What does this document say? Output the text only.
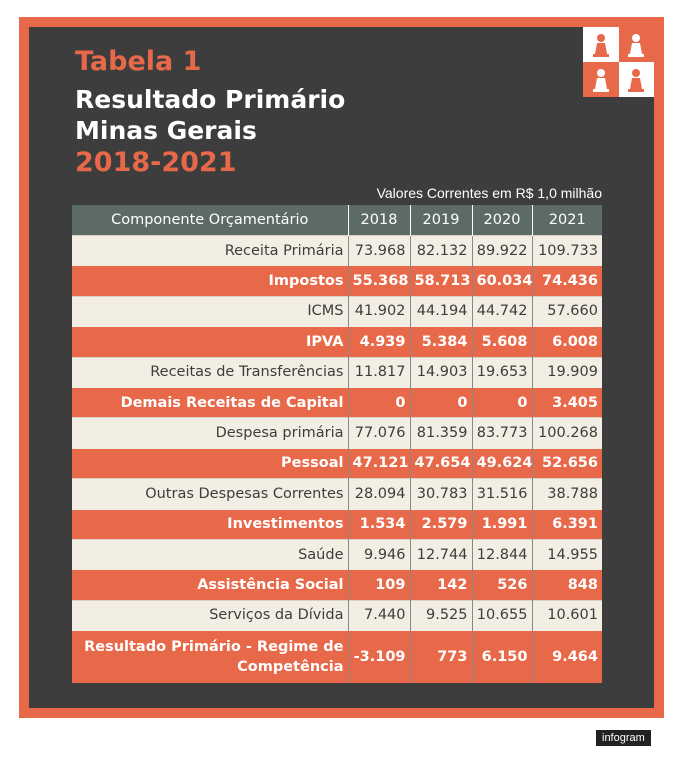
Tabela 1
Resultado Primário Minas Gerais
2018-2021
Valores Correntes em R$ 1,0 milhão
Componente Orçamentário	2018	2019	2020	2021
Receita Primária	73.968	82.132	89.922	109.733
Impostos	55.368	58.713	60.034	74.436
ICMS	41.902	44.194	44.742	57.660
IPVA	4.939	5.384	5.608	6.008
Receitas de Transferências	11.817	14.903	19.653	19.909
Demais Receitas de Capital	0	0	0	3.405
Despesa primária	77.076	81.359	83.773	100.268
Pessoal	47.121	47.654	49.624	52.656
Outras Despesas Correntes	28.094	30.783	31.516	38.788
Investimentos	1.534	2.579	1.991	6.391
Saúde	9.946	12.744	12.844	14.955
Assistência Social	109	142	526	848
Serviços da Dívida	7.440	9.525	10.655	10.601
Resultado Primário - Regime de Competência	-3.109	773	6.150	9.464
↗ Share	infogram
